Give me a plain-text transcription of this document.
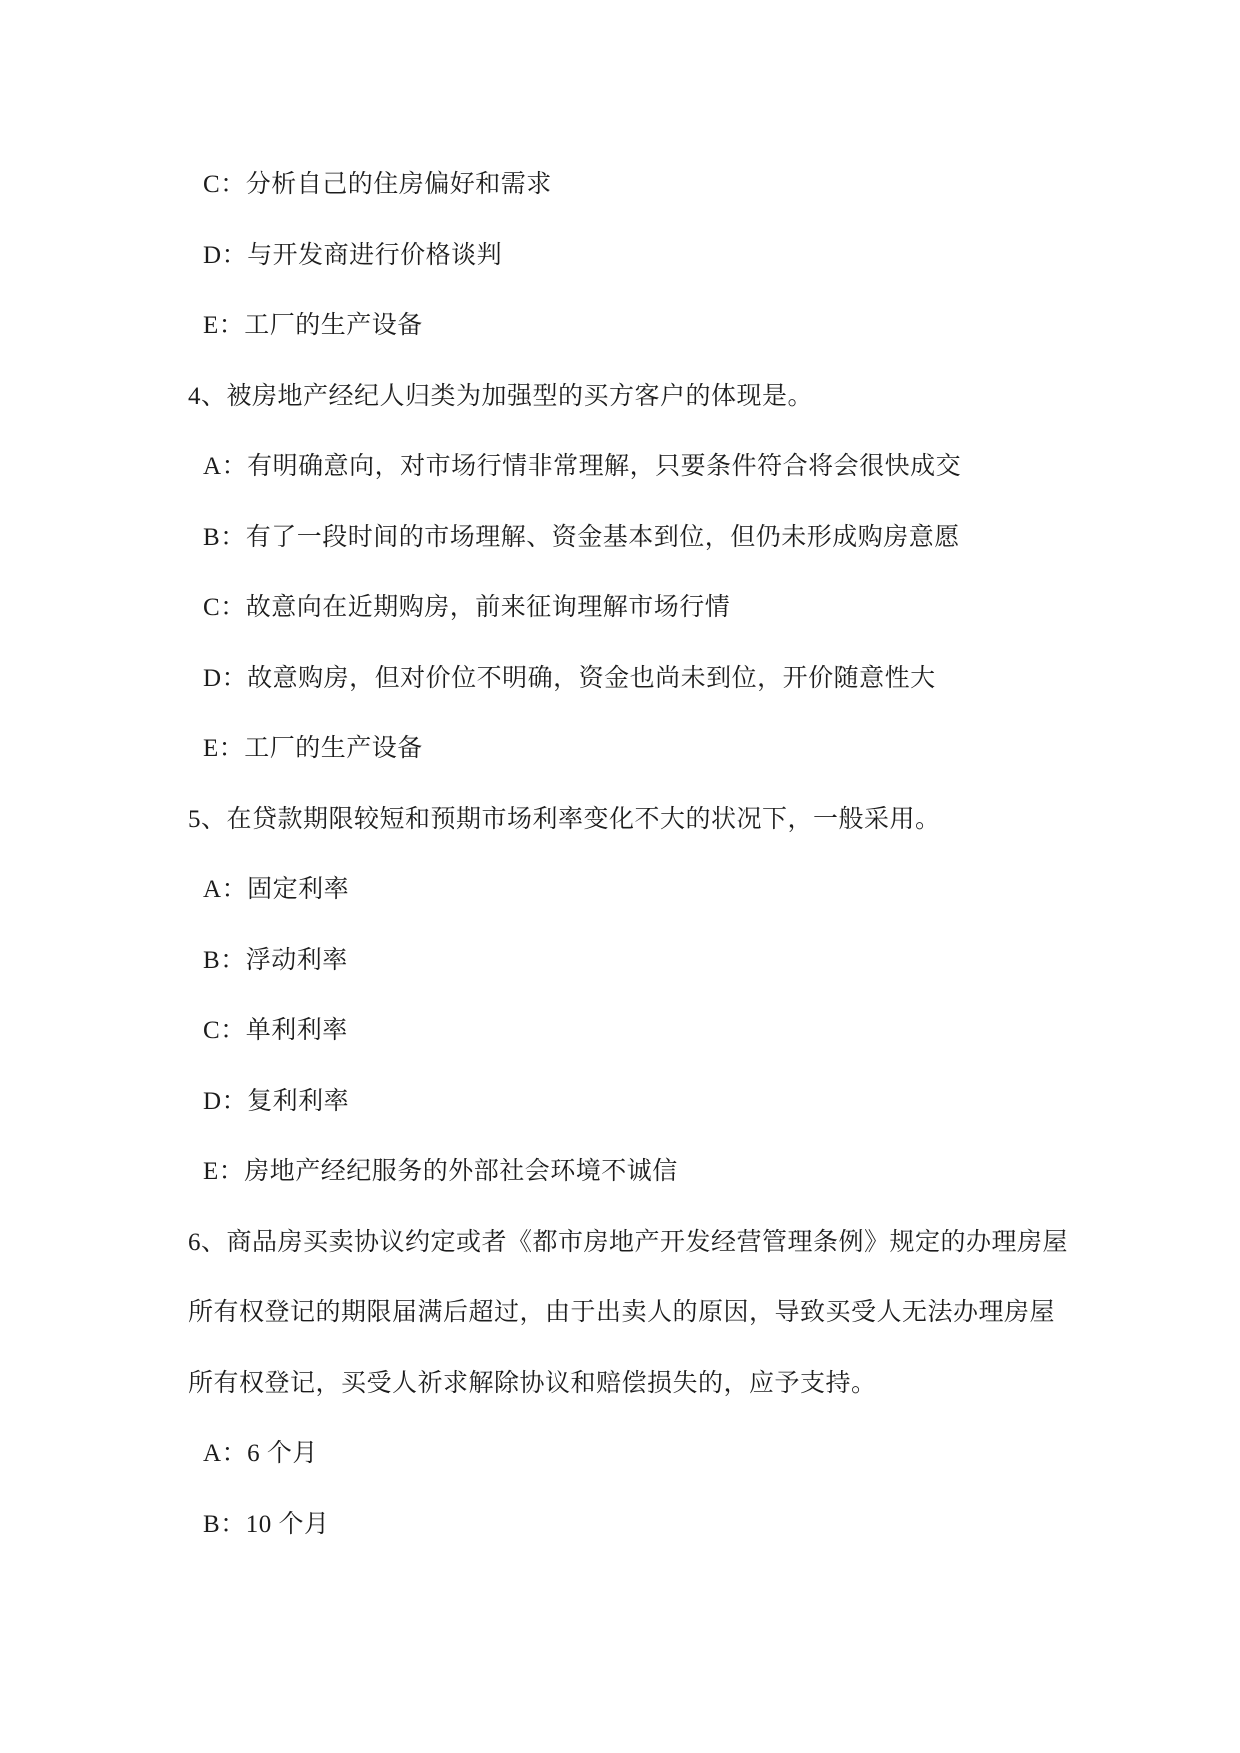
C：分析自己的住房偏好和需求
D：与开发商进行价格谈判
E：工厂的生产设备
4、被房地产经纪人归类为加强型的买方客户的体现是。
A：有明确意向，对市场行情非常理解，只要条件符合将会很快成交
B：有了一段时间的市场理解、资金基本到位，但仍未形成购房意愿
C：故意向在近期购房，前来征询理解市场行情
D：故意购房，但对价位不明确，资金也尚未到位，开价随意性大
E：工厂的生产设备
5、在贷款期限较短和预期市场利率变化不大的状况下，一般采用。
A：固定利率
B：浮动利率
C：单利利率
D：复利利率
E：房地产经纪服务的外部社会环境不诚信
6、商品房买卖协议约定或者《都市房地产开发经营管理条例》规定的办理房屋
所有权登记的期限届满后超过，由于出卖人的原因，导致买受人无法办理房屋
所有权登记，买受人祈求解除协议和赔偿损失的，应予支持。
A：6 个月
B：10 个月
